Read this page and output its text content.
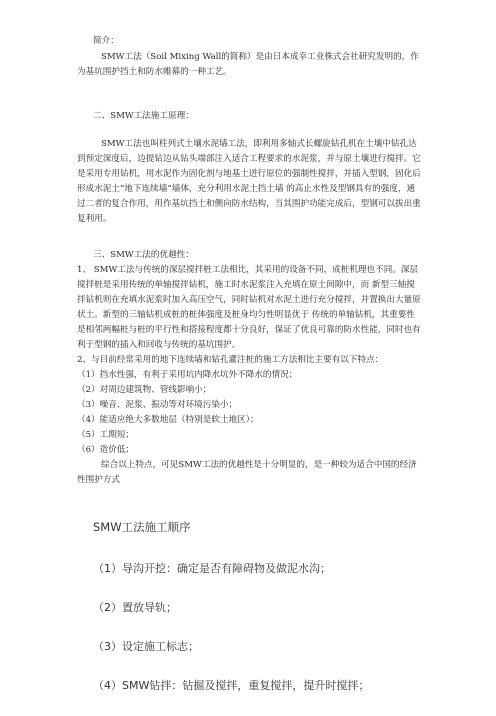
简介：

SMW工法（Soil Mixing Wall的简称）是由日本成幸工业株式会社研究发明的，作为基坑围护挡土和防水帷幕的一种工艺。

二、SMW工法施工原理：

SMW工法也叫柱列式土壤水泥墙工法，即利用多轴式长螺旋钻孔机在土壤中钻孔达到预定深度后，边提钻边从钻头端部注入适合工程要求的水泥浆，并与原土壤进行搅拌。它是采用专用钻机，用水泥作为固化剂与地基土进行原位的强制性搅拌，并插入型钢，固化后形成水泥土“地下连续墙”墙体，充分利用水泥土挡土墙 的高止水性及型钢具有的强度，通过二者的复合作用，用作基坑挡土和侧向防水结构，当其围护功能完成后，型钢可以拔出重复利用。

三、SMW工法的优越性：

1、 SMW工法与传统的深层搅拌桩工法相比，其采用的设备不同，成桩机理也不同。深层搅拌桩是采用传统的单轴搅拌钻机，施工时水泥浆注入充填在原土间隙中，而 新型三轴搅拌钻机则在充填水泥浆时加入高压空气，同时钻机对水泥土进行充分搅拌，并置换出大量原状土。新型的三轴钻机成桩的桩体强度及桩身均匀性明显优于 传统的单轴钻机，其重要性是相邻两幅桩与桩的平行性和搭接程度都十分良好，保证了优良可靠的防水性能，同时也有利于型钢的插入和回收与传统的基坑围护。

2、与目前经常采用的地下连续墙和钻孔灌注桩的施工方法相比主要有以下特点：

（1）挡水性强，有利于采用坑内降水坑外不降水的情况；

（2）对周边建筑物、管线影响小；

（3）噪音、泥浆、振动等对环境污染小；

（4）能适应绝大多数地层（特别是软土地区）；

（5）工期短；

（6）造价低；

综合以上特点，可见SMW工法的优越性是十分明显的，是一种较为适合中国的经济性围护方式

SMW工法施工顺序

（1）导沟开挖：确定是否有障碍物及做泥水沟；
（2）置放导轨；
（3）设定施工标志；
（4）SMW钻拌：钻掘及搅拌，重复搅拌，提升时搅拌；
